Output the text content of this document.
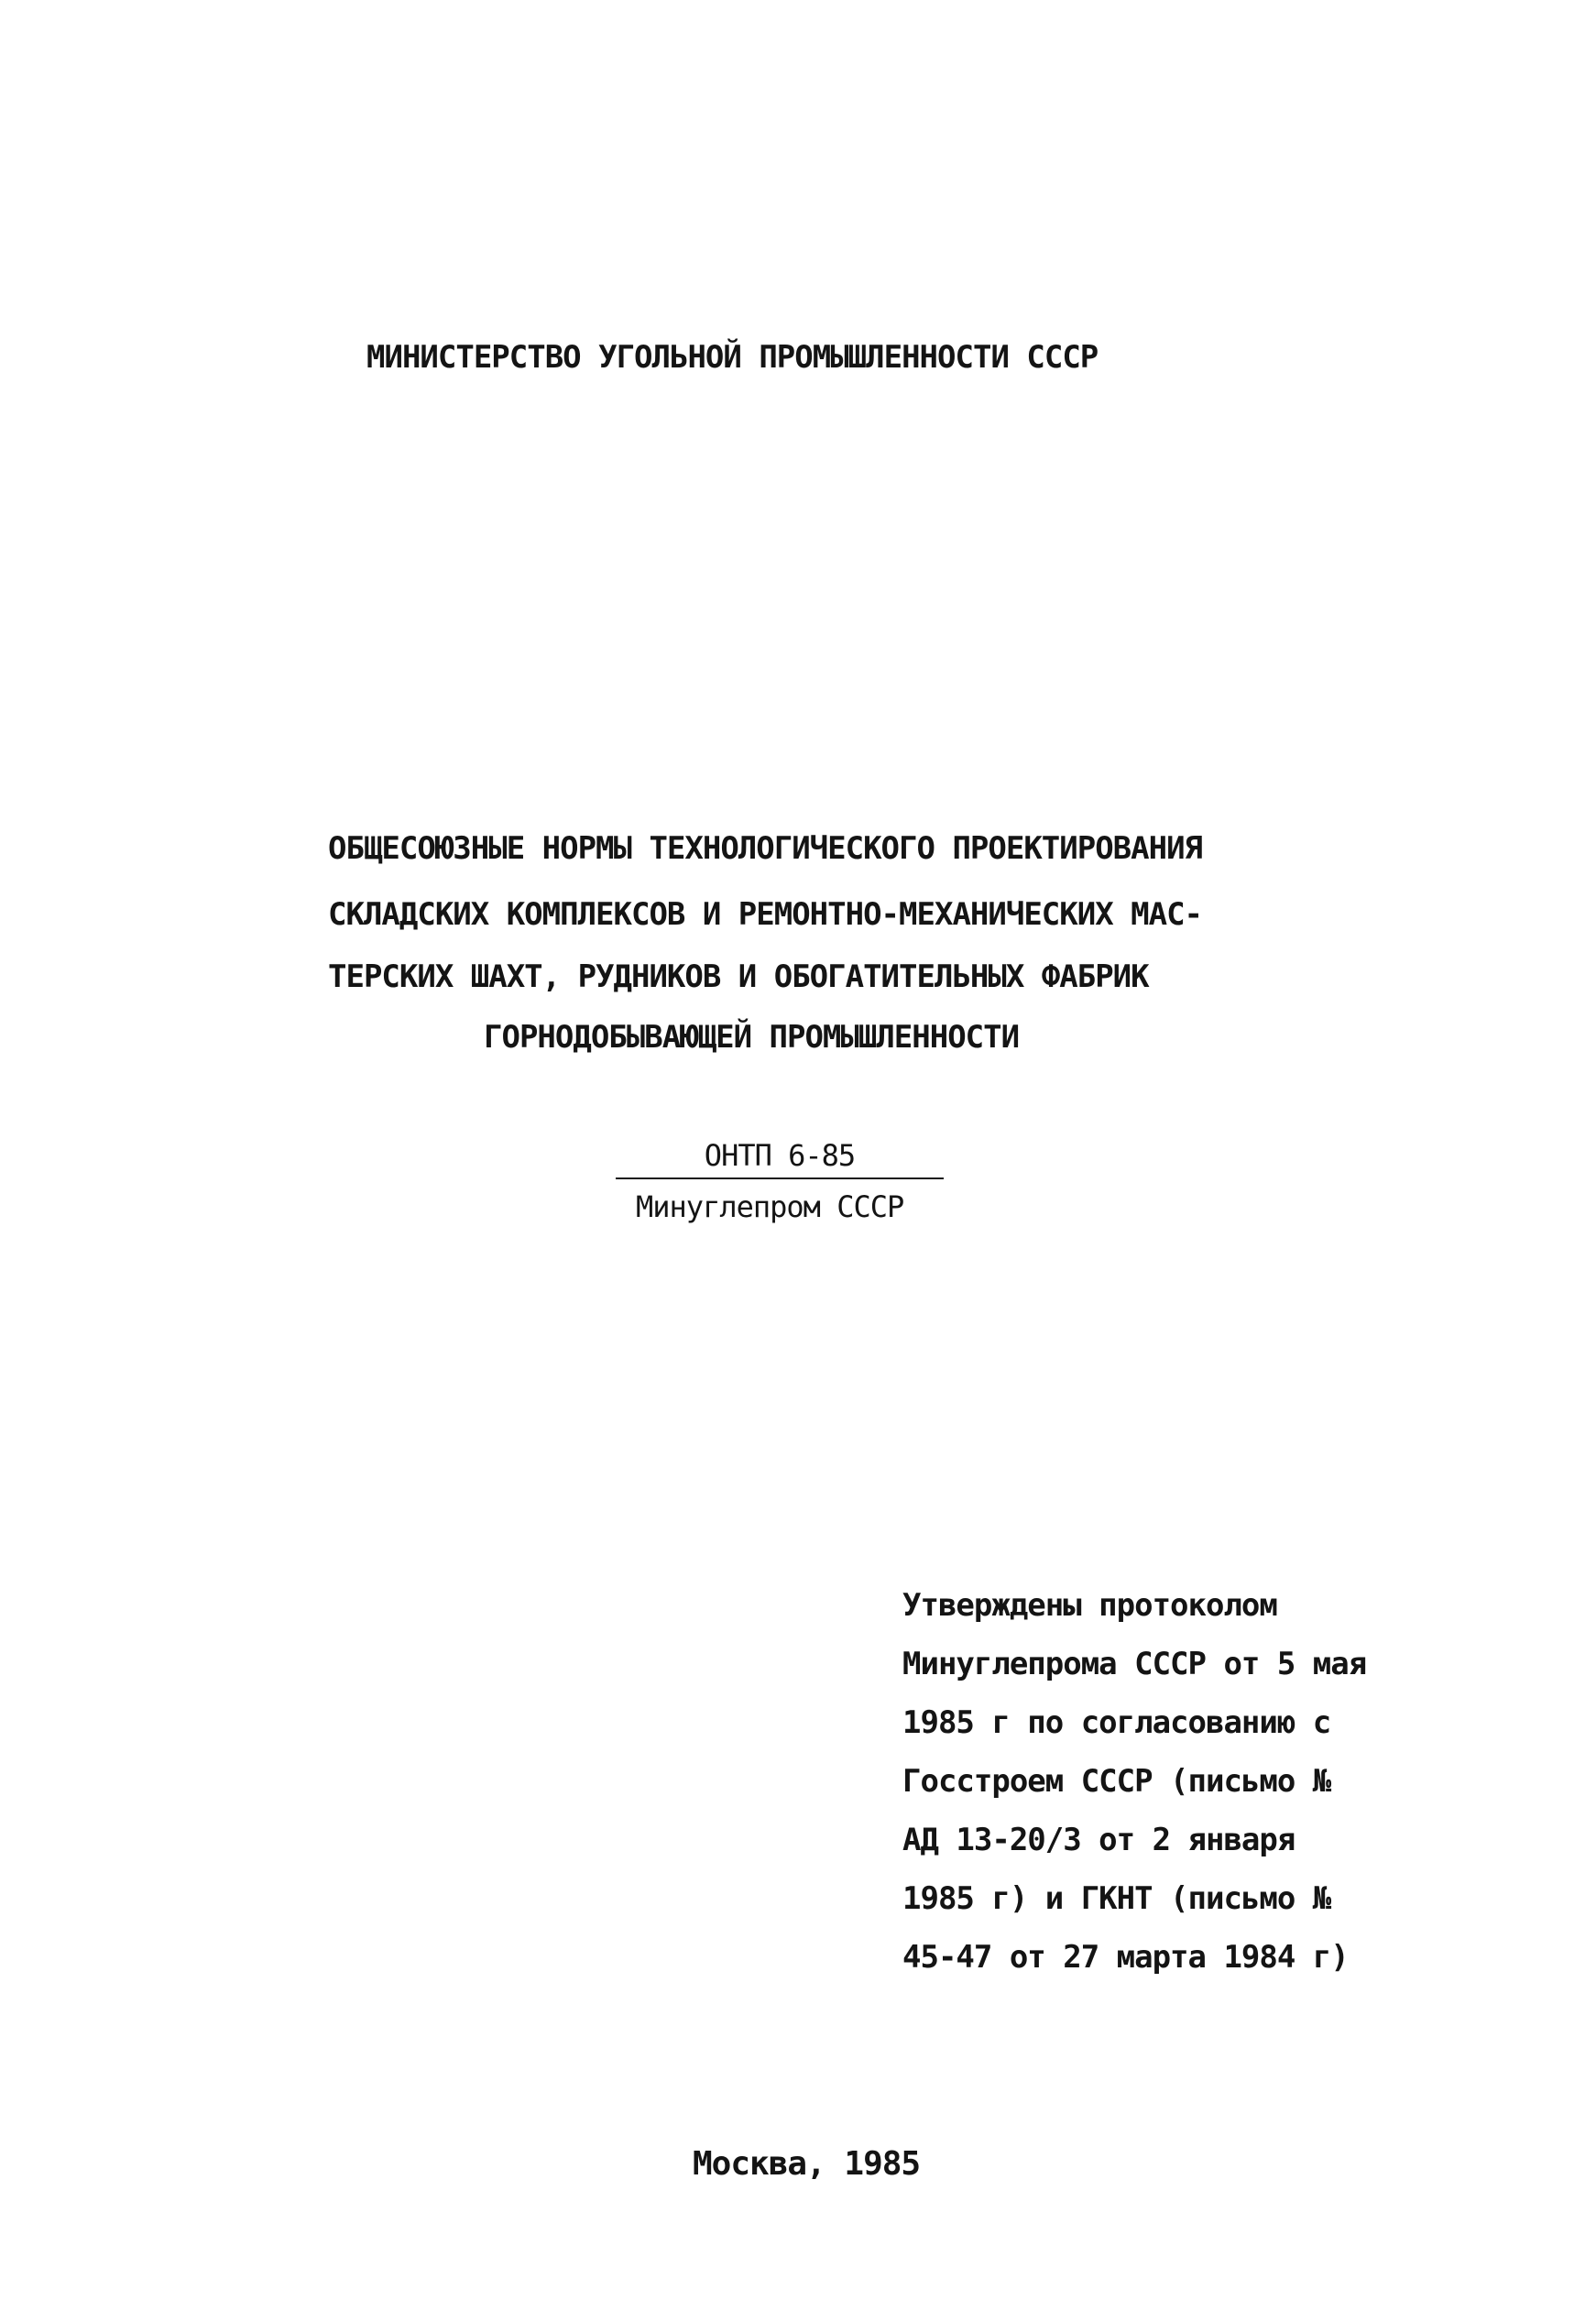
МИНИСТЕРСТВО УГОЛЬНОЙ ПРОМЫШЛЕННОСТИ СССР

ОБЩЕСОЮЗНЫЕ НОРМЫ ТЕХНОЛОГИЧЕСКОГО ПРОЕКТИРОВАНИЯ

СКЛАДСКИХ КОМПЛЕКСОВ И РЕМОНТНО-МЕХАНИЧЕСКИХ МАС-

ТЕРСКИХ ШАХТ, РУДНИКОВ И ОБОГАТИТЕЛЬНЫХ ФАБРИК

ГОРНОДОБЫВАЮЩЕЙ ПРОМЫШЛЕННОСТИ

ОНТП 6-85
Минуглепром СССР
Утверждены протоколом
Минуглепрома СССР от 5 мая
1985 г по согласованию с
Госстроем СССР (письмо №
АД 13-20/3 от 2 января
1985 г) и ГКНТ (письмо №
45-47 от 27 марта 1984 г)

Москва, 1985
